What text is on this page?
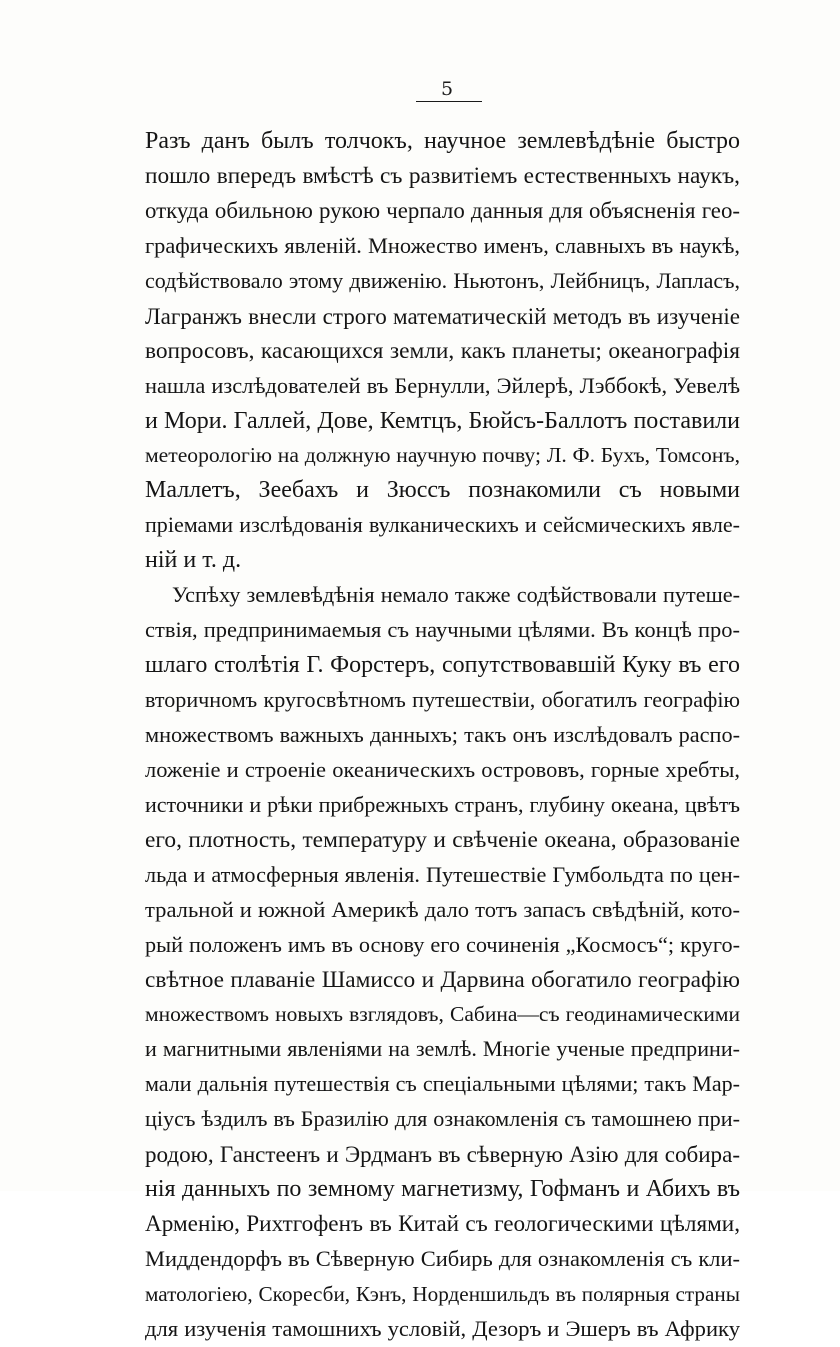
5
Разъ данъ былъ толчокъ, научное землевѣдѣніе быстро
пошло впередъ вмѣстѣ съ развитіемъ естественныхъ наукъ,
откуда обильною рукою черпало данныя для объясненія гео-
графическихъ явленій. Множество именъ, славныхъ въ наукѣ,
содѣйствовало этому движенію. Ньютонъ, Лейбницъ, Лапласъ,
Лагранжъ внесли строго математическій методъ въ изученіе
вопросовъ, касающихся земли, какъ планеты; океанографія
нашла изслѣдователей въ Бернулли, Эйлерѣ, Лэббокѣ, Уевелѣ
и Мори. Галлей, Дове, Кемтцъ, Бюйсъ-Баллотъ поставили
метеорологію на должную научную почву; Л. Ф. Бухъ, Томсонъ,
Маллетъ, Зеебахъ и Зюссъ познакомили съ новыми
пріемами изслѣдованія вулканическихъ и сейсмическихъ явле-
ній и т. д.
Успѣху землевѣдѣнія немало также содѣйствовали путеше-
ствія, предпринимаемыя съ научными цѣлями. Въ концѣ про-
шлаго столѣтія Г. Форстеръ, сопутствовавшій Куку въ его
вторичномъ кругосвѣтномъ путешествіи, обогатилъ географію
множествомъ важныхъ данныхъ; такъ онъ изслѣдовалъ распо-
ложеніе и строеніе океаническихъ острововъ, горные хребты,
источники и рѣки прибрежныхъ странъ, глубину океана, цвѣтъ
его, плотность, температуру и свѣченіе океана, образованіе
льда и атмосферныя явленія. Путешествіе Гумбольдта по цен-
тральной и южной Америкѣ дало тотъ запасъ свѣдѣній, кото-
рый положенъ имъ въ основу его сочиненія „Космосъ“; круго-
свѣтное плаваніе Шамиссо и Дарвина обогатило географію
множествомъ новыхъ взглядовъ, Сабина—съ геодинамическими
и магнитными явленіями на землѣ. Многіе ученые предприни-
мали дальнія путешествія съ спеціальными цѣлями; такъ Мар-
ціусъ ѣздилъ въ Бразилію для ознакомленія съ тамошнею при-
родою, Ганстеенъ и Эрдманъ въ сѣверную Азію для собира-
нія данныхъ по земному магнетизму, Гофманъ и Абихъ въ
Арменію, Рихтгофенъ въ Китай съ геологическими цѣлями,
Миддендорфъ въ Сѣверную Сибирь для ознакомленія съ кли-
матологіею, Скоресби, Кэнъ, Норденшильдъ въ полярныя страны
для изученія тамошнихъ условій, Дезоръ и Эшеръ въ Африку
